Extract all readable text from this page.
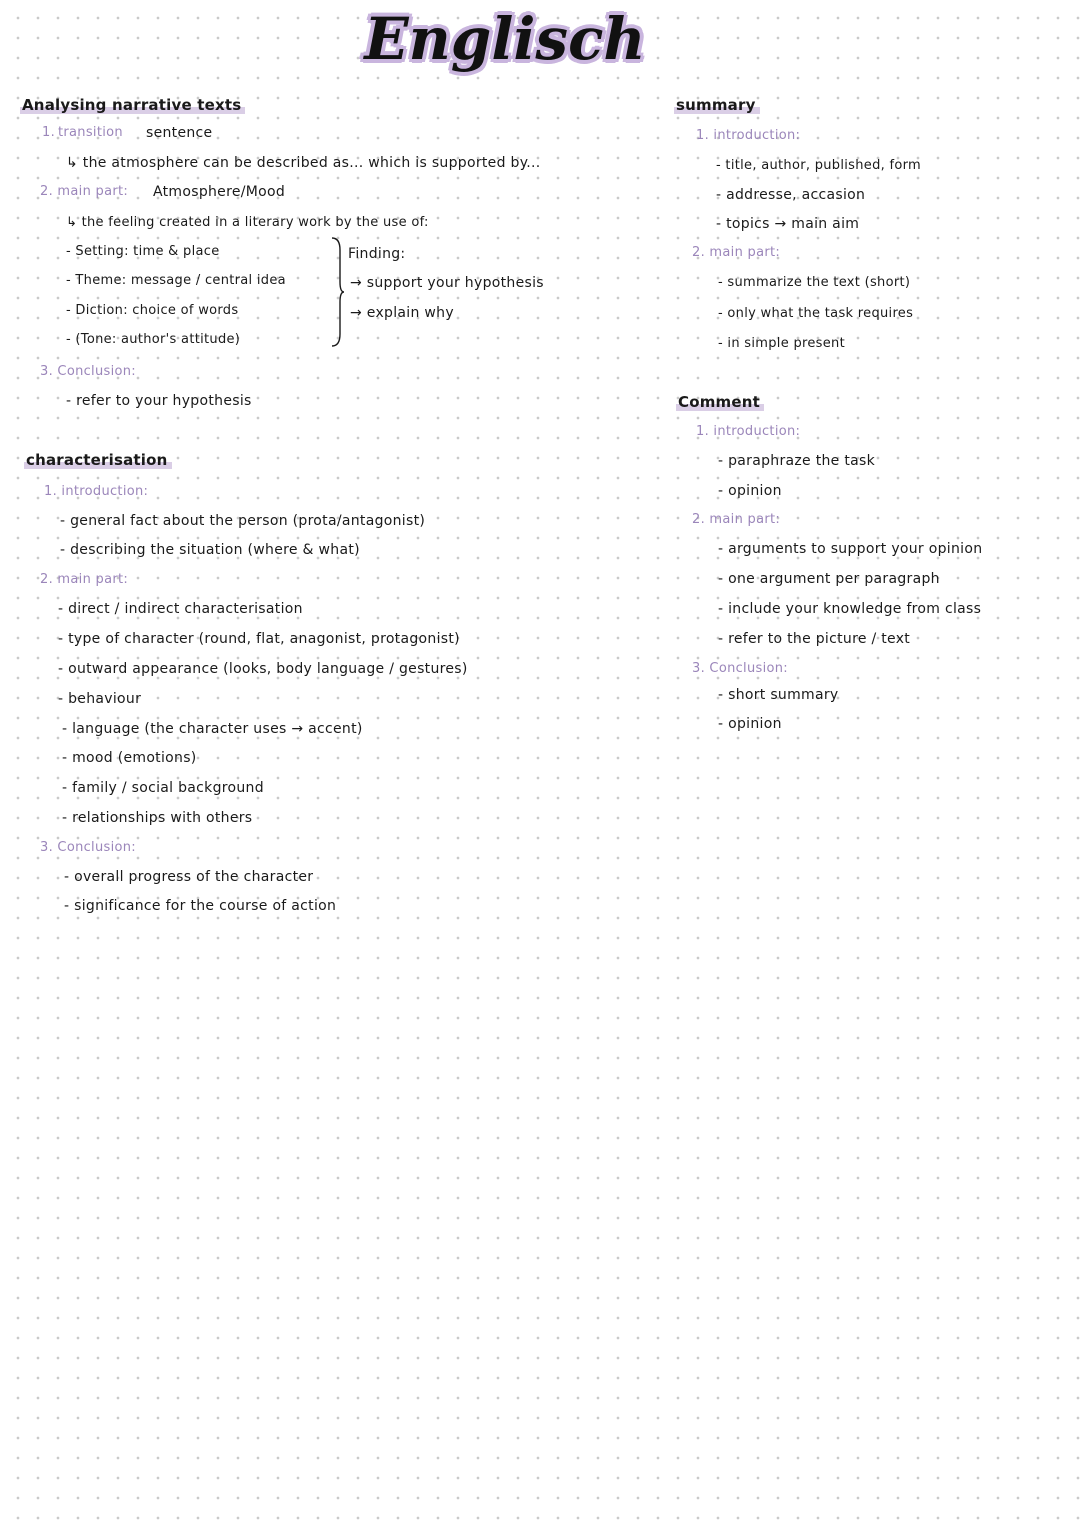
Englisch
Analysing narrative texts
1. transition sentence
↳ the atmosphere can be described as... which is supported by...
2. main part: Atmosphere/Mood
↳ the feeling created in a literary work by the use of:
- Setting: time & place
- Theme: message / central idea
- Diction: choice of words
- (Tone: author's attitude)
Finding:
→ support your hypothesis
→ explain why
3. Conclusion:
- refer to your hypothesis
characterisation
1. introduction:
- general fact about the person (prota/antagonist)
- describing the situation (where & what)
2. main part:
- direct / indirect characterisation
- type of character (round, flat, anagonist, protagonist)
- outward appearance (looks, body language / gestures)
- behaviour
- language (the character uses → accent)
- mood (emotions)
- family / social background
- relationships with others
3. Conclusion:
- overall progress of the character
- significance for the course of action
summary
1. introduction:
- title, author, published, form
- addresse, accasion
- topics → main aim
2. main part:
- summarize the text (short)
- only what the task requires
- in simple present
Comment
1. introduction:
- paraphraze the task
- opinion
2. main part:
- arguments to support your opinion
- one argument per paragraph
- include your knowledge from class
- refer to the picture / text
3. Conclusion:
- short summary
- opinion
